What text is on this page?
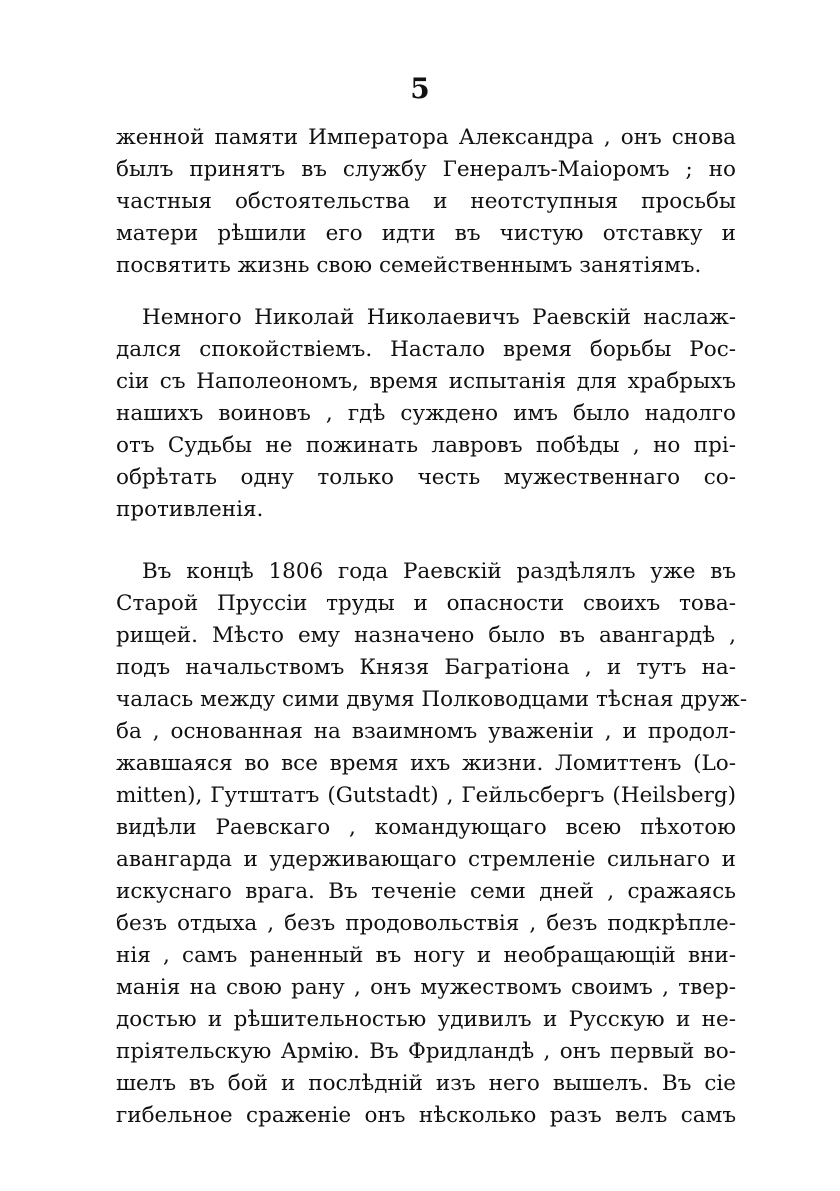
5
женной памяти Императора Александра , онъ снова
былъ принятъ въ службу Генералъ-Маіоромъ ; но
частныя обстоятельства и неотступныя просьбы
матери рѣшили его идти въ чистую отставку и
посвятить жизнь свою семейственнымъ занятіямъ.
Немного Николай Николаевичъ Раевскій наслаж-
дался спокойствіемъ. Настало время борьбы Рос-
сіи съ Наполеономъ, время испытанія для храбрыхъ
нашихъ воиновъ , гдѣ суждено имъ было надолго
отъ Судьбы не пожинать лавровъ побѣды , но прі-
обрѣтать одну только честь мужественнаго со-
противленія.
Въ концѣ 1806 года Раевскій раздѣлялъ уже въ
Старой Пруссіи труды и опасности своихъ това-
рищей. Мѣсто ему назначено было въ авангардѣ ,
подъ начальствомъ Князя Багратіона , и тутъ на-
чалась между сими двумя Полководцами тѣсная друж-
ба , основанная на взаимномъ уваженіи , и продол-
жавшаяся во все время ихъ жизни. Ломиттенъ (Lo-
mitten), Гутштатъ (Gutstadt) , Гейльсбергъ (Heilsberg)
видѣли Раевскаго , командующаго всею пѣхотою
авангарда и удерживающаго стремленіе сильнаго и
искуснаго врага. Въ теченіе семи дней , сражаясь
безъ отдыха , безъ продовольствія , безъ подкрѣпле-
нія , самъ раненный въ ногу и необращающій вни-
манія на свою рану , онъ мужествомъ своимъ , твер-
достью и рѣшительностью удивилъ и Русскую и не-
пріятельскую Армію. Въ Фридландѣ , онъ первый во-
шелъ въ бой и послѣдній изъ него вышелъ. Въ сіе
гибельное сраженіе онъ нѣсколько разъ велъ самъ
